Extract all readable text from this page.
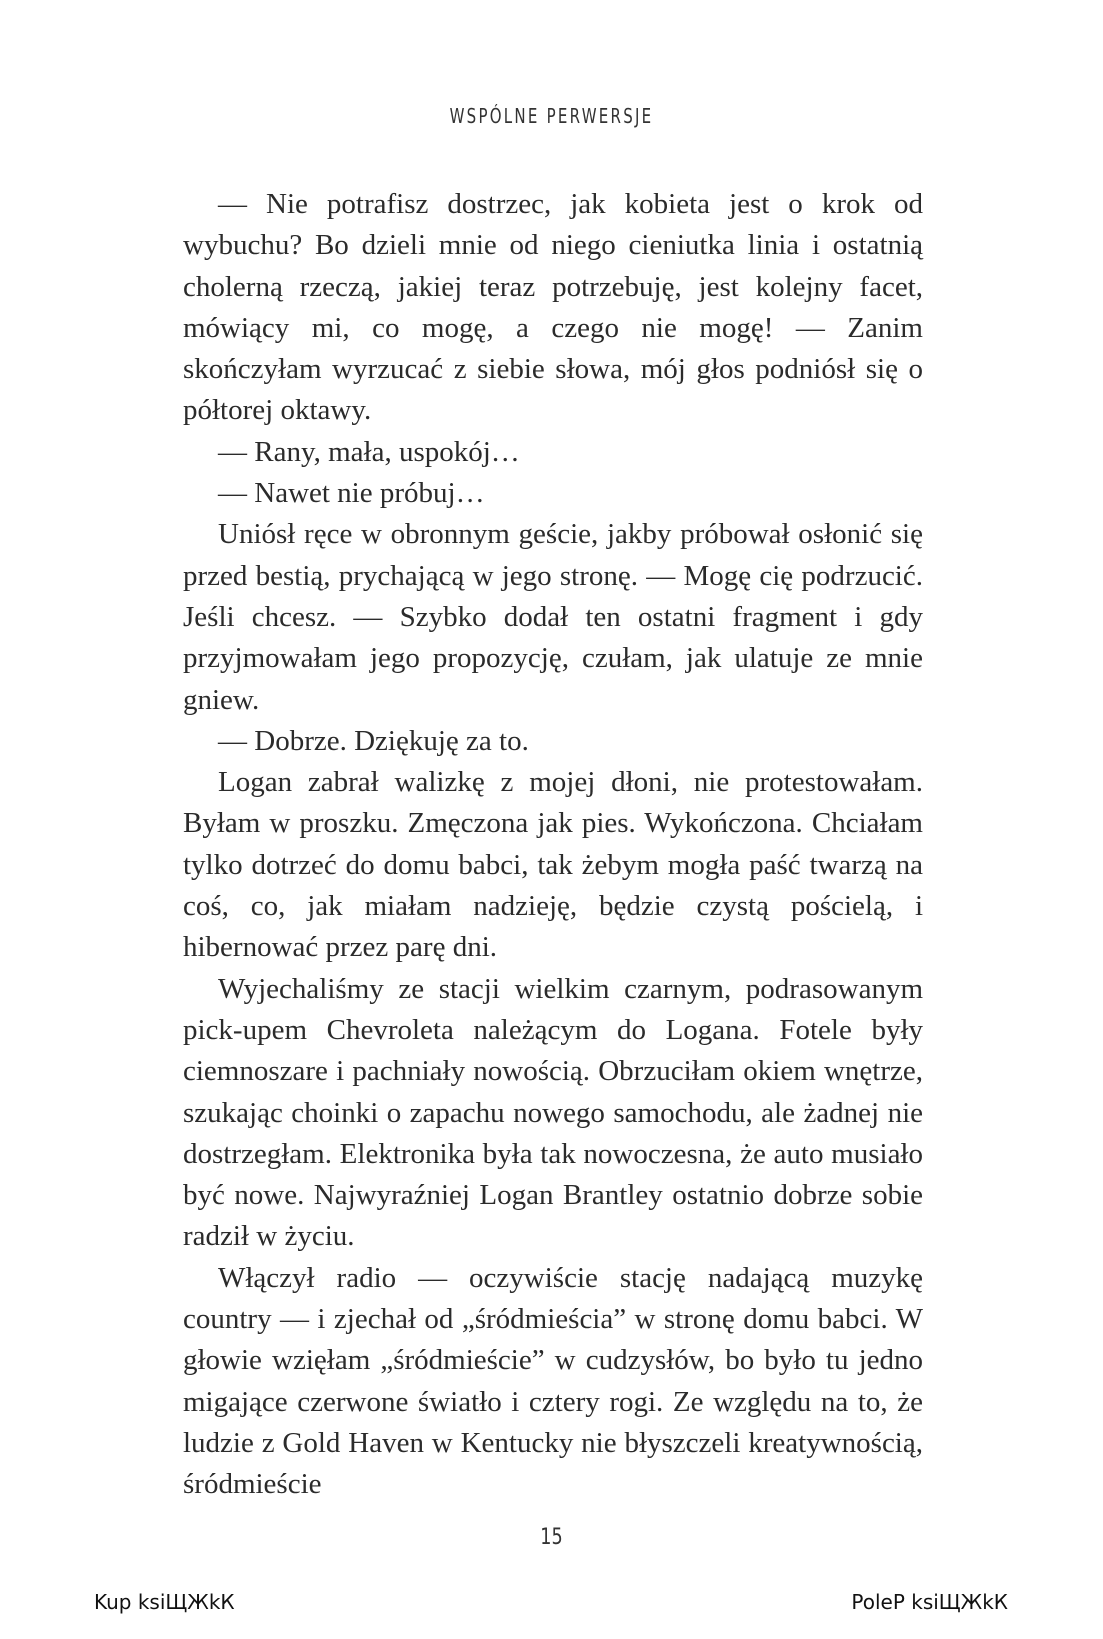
WSPÓLNE PERWERSJE

— Nie potrafisz dostrzec, jak kobieta jest o krok od wybuchu? Bo dzieli mnie od niego cieniutka linia i ostatnią cholerną rzeczą, jakiej teraz potrzebuję, jest kolejny facet, mówiący mi, co mogę, a czego nie mogę! — Zanim skończyłam wyrzucać z siebie słowa, mój głos podniósł się o półtorej oktawy.

— Rany, mała, uspokój…

— Nawet nie próbuj…

Uniósł ręce w obronnym geście, jakby próbował osłonić się przed bestią, prychającą w jego stronę. — Mogę cię podrzucić. Jeśli chcesz. — Szybko dodał ten ostatni fragment i gdy przyjmowałam jego propozycję, czułam, jak ulatuje ze mnie gniew.

— Dobrze. Dziękuję za to.

Logan zabrał walizkę z mojej dłoni, nie protestowałam. Byłam w proszku. Zmęczona jak pies. Wykończona. Chciałam tylko dotrzeć do domu babci, tak żebym mogła paść twarzą na coś, co, jak miałam nadzieję, będzie czystą pościelą, i hibernować przez parę dni.

Wyjechaliśmy ze stacji wielkim czarnym, podrasowanym pick-upem Chevroleta należącym do Logana. Fotele były ciemnoszare i pachniały nowością. Obrzuciłam okiem wnętrze, szukając choinki o zapachu nowego samochodu, ale żadnej nie dostrzegłam. Elektronika była tak nowoczesna, że auto musiało być nowe. Najwyraźniej Logan Brantley ostatnio dobrze sobie radził w życiu.

Włączył radio — oczywiście stację nadającą muzykę country — i zjechał od „śródmieścia” w stronę domu babci. W głowie wzięłam „śródmieście” w cudzysłów, bo było tu jedno migające czerwone światło i cztery rogi. Ze względu na to, że ludzie z Gold Haven w Kentucky nie błyszczeli kreatywnością, śródmieście

15
Kup ksiЩЖkК	PoleР ksiЩЖkК
